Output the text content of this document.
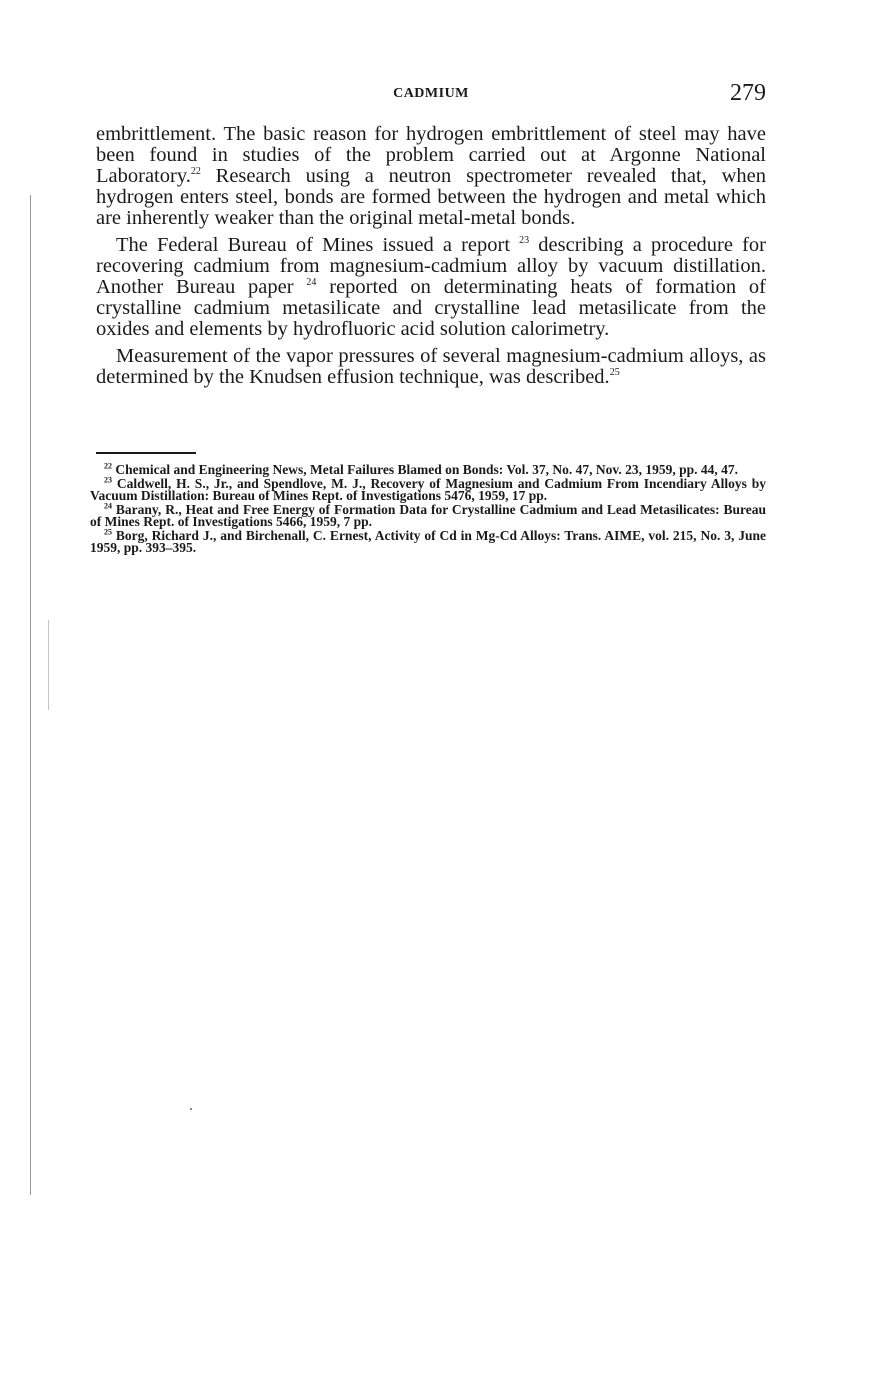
CADMIUM	279

embrittlement. The basic reason for hydrogen embrittlement of steel may have been found in studies of the problem carried out at Argonne National Laboratory.$^{22}$ Research using a neutron spectrometer revealed that, when hydrogen enters steel, bonds are formed between the hydrogen and metal which are inherently weaker than the original metal-metal bonds.

The Federal Bureau of Mines issued a report $^{23}$ describing a procedure for recovering cadmium from magnesium-cadmium alloy by vacuum distillation. Another Bureau paper $^{24}$ reported on determinating heats of formation of crystalline cadmium metasilicate and crystalline lead metasilicate from the oxides and elements by hydrofluoric acid solution calorimetry.

Measurement of the vapor pressures of several magnesium-cadmium alloys, as determined by the Knudsen effusion technique, was described.$^{25}$

$^{22}$ Chemical and Engineering News, Metal Failures Blamed on Bonds: Vol. 37, No. 47, Nov. 23, 1959, pp. 44, 47.
$^{23}$ Caldwell, H. S., Jr., and Spendlove, M. J., Recovery of Magnesium and Cadmium From Incendiary Alloys by Vacuum Distillation: Bureau of Mines Rept. of Investigations 5476, 1959, 17 pp.
$^{24}$ Barany, R., Heat and Free Energy of Formation Data for Crystalline Cadmium and Lead Metasilicates: Bureau of Mines Rept. of Investigations 5466, 1959, 7 pp.
$^{25}$ Borg, Richard J., and Birchenall, C. Ernest, Activity of Cd in Mg-Cd Alloys: Trans. AIME, vol. 215, No. 3, June 1959, pp. 393–395.
